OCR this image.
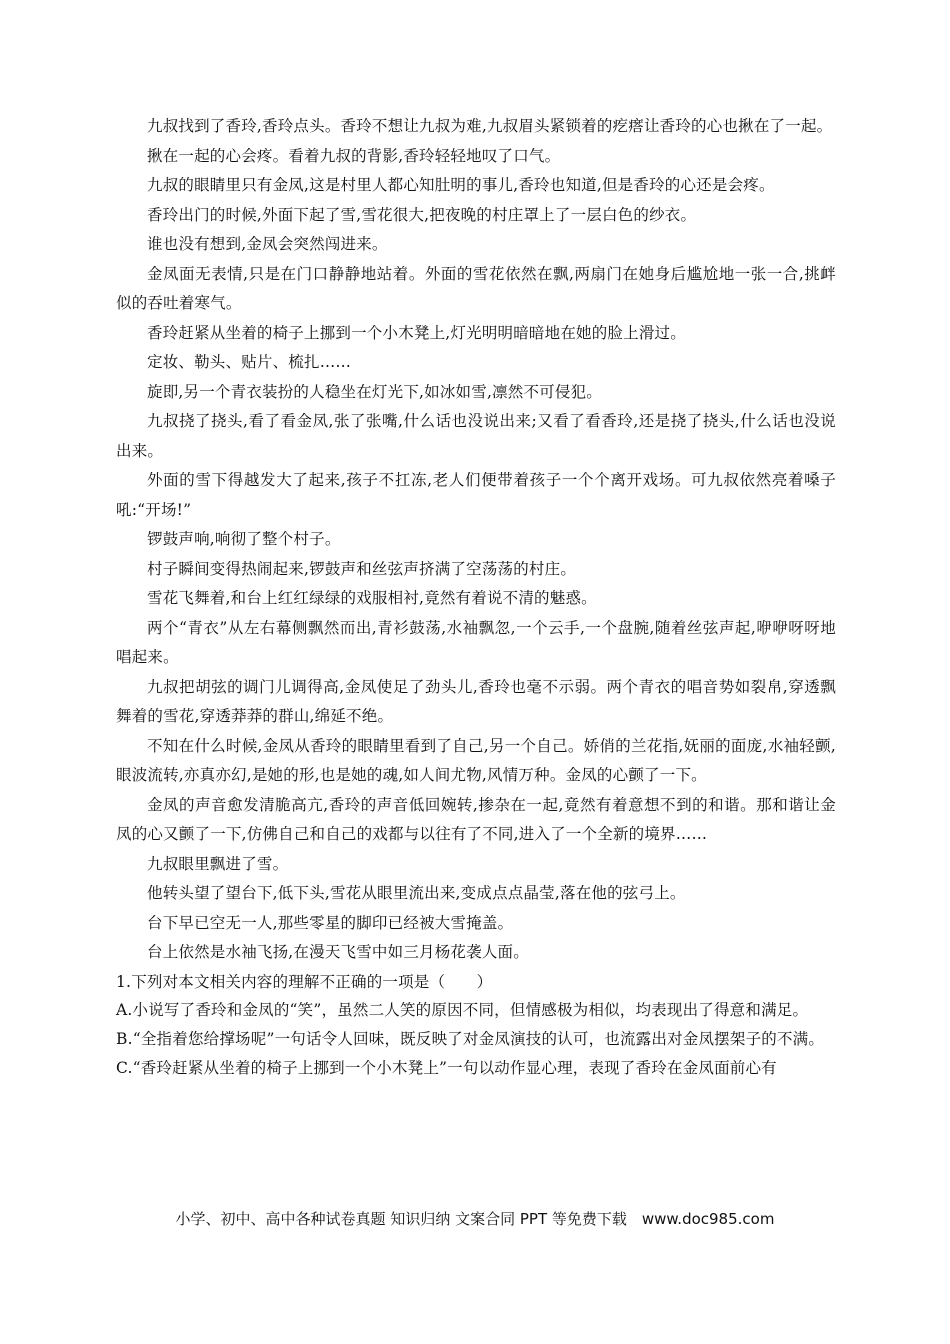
九叔找到了香玲,香玲点头。香玲不想让九叔为难,九叔眉头紧锁着的疙瘩让香玲的心也揪在了一起。

揪在一起的心会疼。看着九叔的背影,香玲轻轻地叹了口气。

九叔的眼睛里只有金凤,这是村里人都心知肚明的事儿,香玲也知道,但是香玲的心还是会疼。

香玲出门的时候,外面下起了雪,雪花很大,把夜晚的村庄罩上了一层白色的纱衣。

谁也没有想到,金凤会突然闯进来。

金凤面无表情,只是在门口静静地站着。外面的雪花依然在飘,两扇门在她身后尴尬地一张一合,挑衅似的吞吐着寒气。

香玲赶紧从坐着的椅子上挪到一个小木凳上,灯光明明暗暗地在她的脸上滑过。

定妆、勒头、贴片、梳扎……

旋即,另一个青衣装扮的人稳坐在灯光下,如冰如雪,凛然不可侵犯。

九叔挠了挠头,看了看金凤,张了张嘴,什么话也没说出来;又看了看香玲,还是挠了挠头,什么话也没说出来。

外面的雪下得越发大了起来,孩子不扛冻,老人们便带着孩子一个个离开戏场。可九叔依然亮着嗓子吼:“开场!”

锣鼓声响,响彻了整个村子。

村子瞬间变得热闹起来,锣鼓声和丝弦声挤满了空荡荡的村庄。

雪花飞舞着,和台上红红绿绿的戏服相衬,竟然有着说不清的魅惑。

两个“青衣”从左右幕侧飘然而出,青衫鼓荡,水袖飘忽,一个云手,一个盘腕,随着丝弦声起,咿咿呀呀地唱起来。

九叔把胡弦的调门儿调得高,金凤使足了劲头儿,香玲也毫不示弱。两个青衣的唱音势如裂帛,穿透飘舞着的雪花,穿透莽莽的群山,绵延不绝。

不知在什么时候,金凤从香玲的眼睛里看到了自己,另一个自己。娇俏的兰花指,妩丽的面庞,水袖轻颤,眼波流转,亦真亦幻,是她的形,也是她的魂,如人间尤物,风情万种。金凤的心颤了一下。

金凤的声音愈发清脆高亢,香玲的声音低回婉转,掺杂在一起,竟然有着意想不到的和谐。那和谐让金凤的心又颤了一下,仿佛自己和自己的戏都与以往有了不同,进入了一个全新的境界……

九叔眼里飘进了雪。

他转头望了望台下,低下头,雪花从眼里流出来,变成点点晶莹,落在他的弦弓上。

台下早已空无一人,那些零星的脚印已经被大雪掩盖。

台上依然是水袖飞扬,在漫天飞雪中如三月杨花袭人面。

1.下列对本文相关内容的理解不正确的一项是（　　）

A.小说写了香玲和金凤的“笑”，虽然二人笑的原因不同，但情感极为相似，均表现出了得意和满足。

B.“全指着您给撑场呢”一句话令人回味，既反映了对金凤演技的认可，也流露出对金凤摆架子的不满。

C.“香玲赶紧从坐着的椅子上挪到一个小木凳上”一句以动作显心理，表现了香玲在金凤面前心有

小学、初中、高中各种试卷真题 知识归纳 文案合同 PPT 等免费下载　www.doc985.com
